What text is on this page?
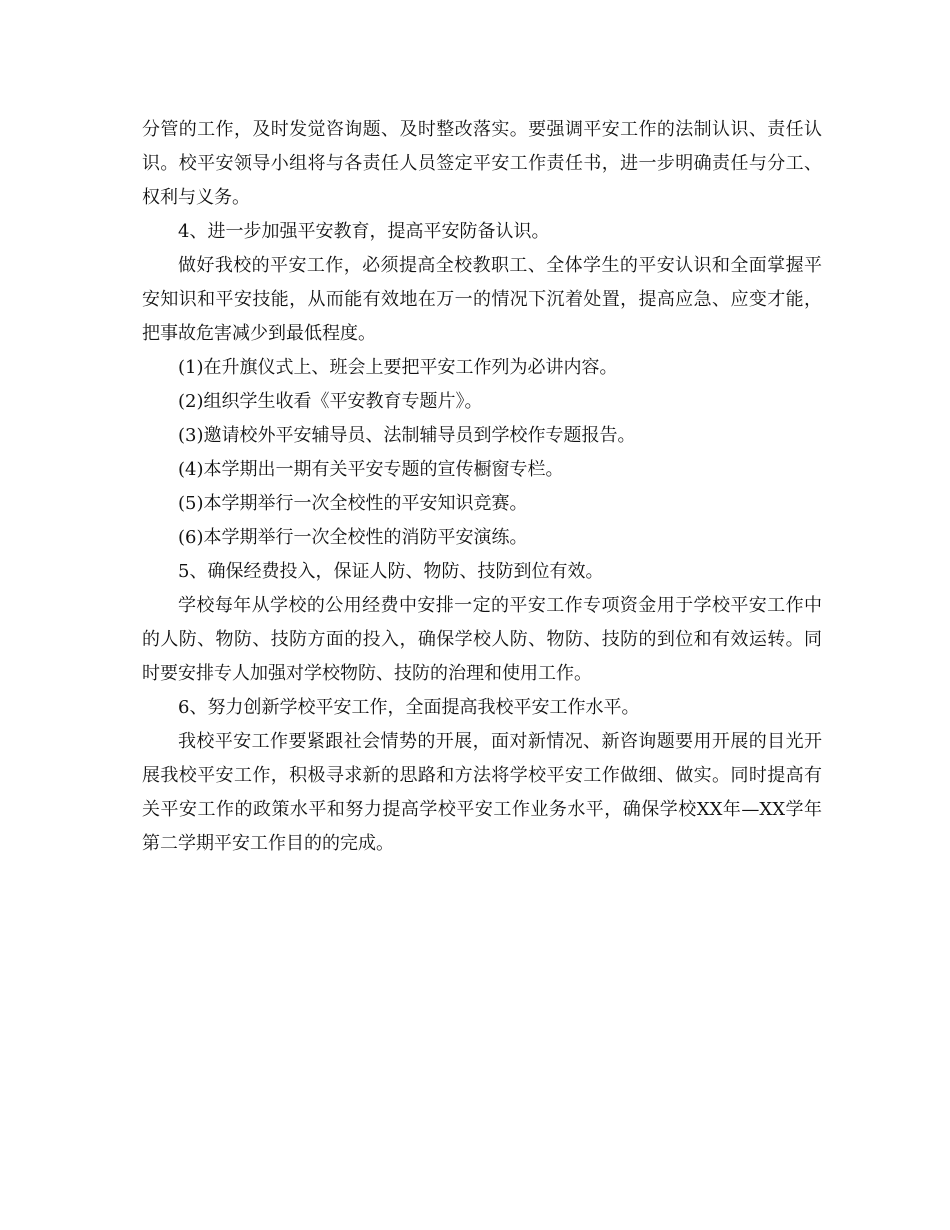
分管的工作，及时发觉咨询题、及时整改落实。要强调平安工作的法制认识、责任认识。校平安领导小组将与各责任人员签定平安工作责任书，进一步明确责任与分工、权利与义务。

4、进一步加强平安教育，提高平安防备认识。

做好我校的平安工作，必须提高全校教职工、全体学生的平安认识和全面掌握平安知识和平安技能，从而能有效地在万一的情况下沉着处置，提高应急、应变才能，把事故危害减少到最低程度。

(1)在升旗仪式上、班会上要把平安工作列为必讲内容。

(2)组织学生收看《平安教育专题片》。

(3)邀请校外平安辅导员、法制辅导员到学校作专题报告。

(4)本学期出一期有关平安专题的宣传橱窗专栏。

(5)本学期举行一次全校性的平安知识竞赛。

(6)本学期举行一次全校性的消防平安演练。

5、确保经费投入，保证人防、物防、技防到位有效。

学校每年从学校的公用经费中安排一定的平安工作专项资金用于学校平安工作中的人防、物防、技防方面的投入，确保学校人防、物防、技防的到位和有效运转。同时要安排专人加强对学校物防、技防的治理和使用工作。

6、努力创新学校平安工作，全面提高我校平安工作水平。

我校平安工作要紧跟社会情势的开展，面对新情况、新咨询题要用开展的目光开展我校平安工作，积极寻求新的思路和方法将学校平安工作做细、做实。同时提高有关平安工作的政策水平和努力提高学校平安工作业务水平，确保学校XX年—XX学年第二学期平安工作目的的完成。
